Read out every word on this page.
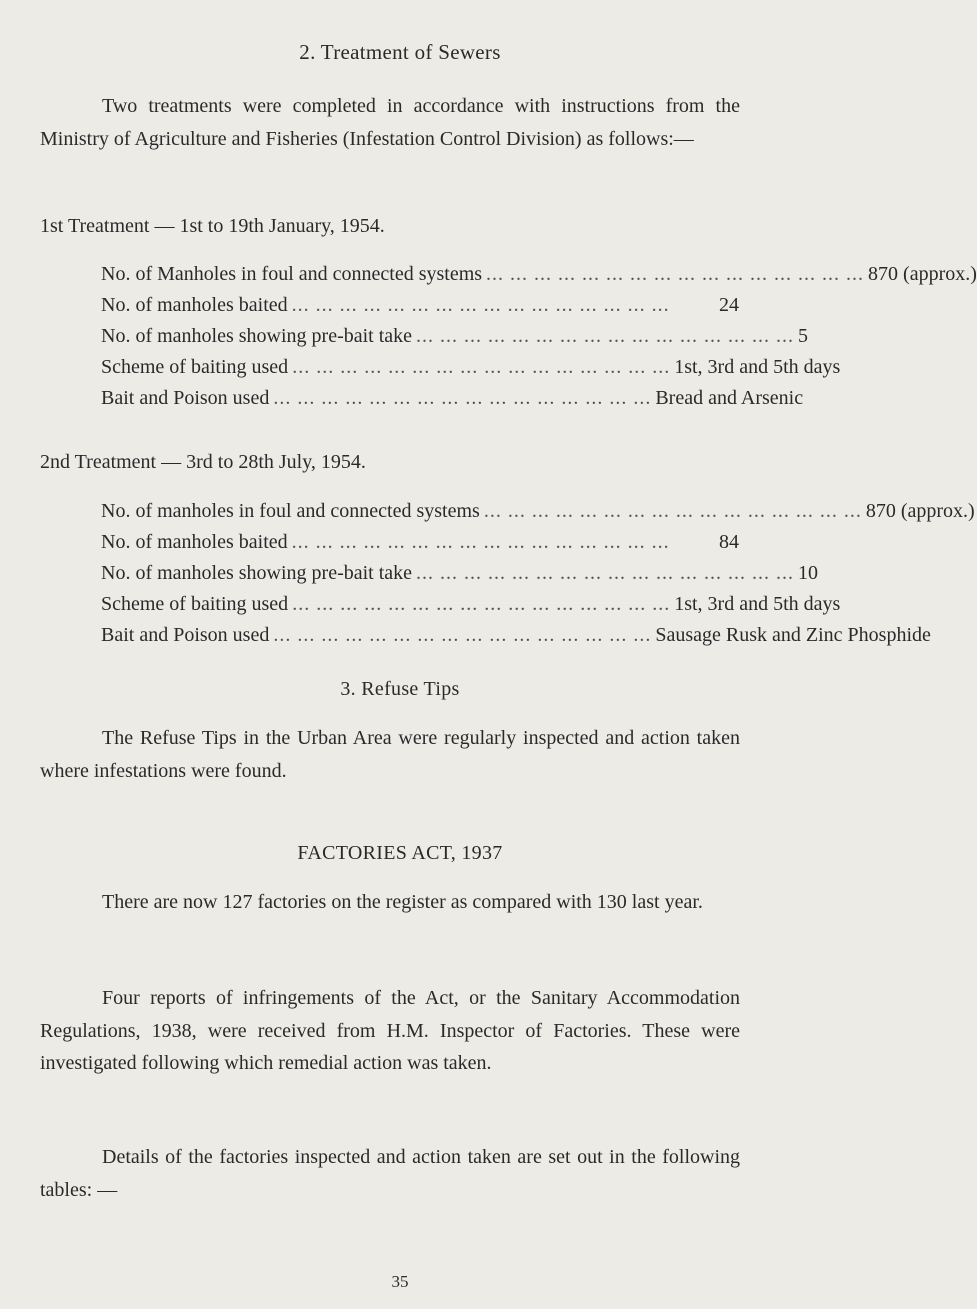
2. Treatment of Sewers
Two treatments were completed in accordance with instructions from the Ministry of Agriculture and Fisheries (Infestation Control Division) as follows:—
1st Treatment — 1st to 19th January, 1954.
No. of Manholes in foul and connected systems ... ... ... ... ... ... ... ... ... ... ... ... ... ... ... ... 870 (approx.)
No. of manholes baited ... ... ... ... ... ... ... ... ... ... ... ... ... ... ... ...	24
No. of manholes showing pre-bait take ... ... ... ... ... ... ... ... ... ... ... ... ... ... ... ... 5
Scheme of baiting used ... ... ... ... ... ... ... ... ... ... ... ... ... ... ... ... 1st, 3rd and 5th days
Bait and Poison used ... ... ... ... ... ... ... ... ... ... ... ... ... ... ... ... Bread and Arsenic
2nd Treatment — 3rd to 28th July, 1954.
No. of manholes in foul and connected systems ... ... ... ... ... ... ... ... ... ... ... ... ... ... ... ... 870 (approx.)
No. of manholes baited ... ... ... ... ... ... ... ... ... ... ... ... ... ... ... ...	84
No. of manholes showing pre-bait take ... ... ... ... ... ... ... ... ... ... ... ... ... ... ... ... 10
Scheme of baiting used ... ... ... ... ... ... ... ... ... ... ... ... ... ... ... ... 1st, 3rd and 5th days
Bait and Poison used ... ... ... ... ... ... ... ... ... ... ... ... ... ... ... ... Sausage Rusk and Zinc Phosphide
3. Refuse Tips
The Refuse Tips in the Urban Area were regularly inspected and action taken where infestations were found.
FACTORIES ACT, 1937
There are now 127 factories on the register as compared with 130 last year.
Four reports of infringements of the Act, or the Sanitary Accommodation Regulations, 1938, were received from H.M. Inspector of Factories. These were investigated following which remedial action was taken.
Details of the factories inspected and action taken are set out in the following tables: —
35
